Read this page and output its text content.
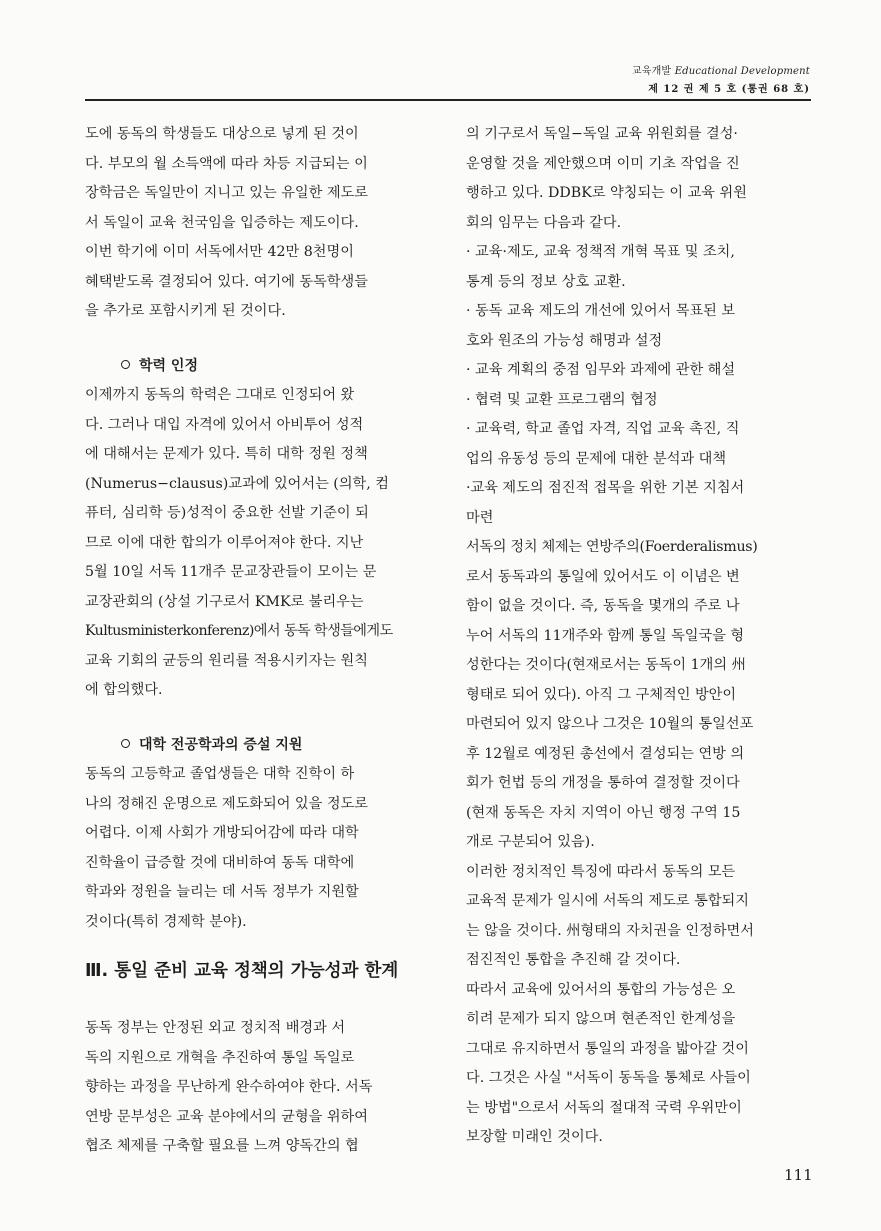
교육개발 Educational Development
제 12 권 제 5 호 (통권 68 호)
도에 동독의 학생들도 대상으로 넣게 된 것이
다. 부모의 월 소득액에 따라 차등 지급되는 이
장학금은 독일만이 지니고 있는 유일한 제도로
서 독일이 교육 천국임을 입증하는 제도이다.
이번 학기에 이미 서독에서만 42만 8천명이
혜택받도록 결정되어 있다. 여기에 동독학생들
을 추가로 포함시키게 된 것이다.
학력 인정
이제까지 동독의 학력은 그대로 인정되어 왔
다. 그러나 대입 자격에 있어서 아비투어 성적
에 대해서는 문제가 있다. 특히 대학 정원 정책
(Numerus−clausus)교과에 있어서는 (의학, 컴
퓨터, 심리학 등)성적이 중요한 선발 기준이 되
므로 이에 대한 합의가 이루어져야 한다. 지난
5월 10일 서독 11개주 문교장관들이 모이는 문
교장관회의 (상설 기구로서 KMK로 불리우는
Kultusministerkonferenz)에서 동독 학생들에게도
교육 기회의 균등의 원리를 적용시키자는 원칙
에 합의했다.
대학 전공학과의 증설 지원
동독의 고등학교 졸업생들은 대학 진학이 하
나의 정해진 운명으로 제도화되어 있을 정도로
어렵다. 이제 사회가 개방되어감에 따라 대학
진학율이 급증할 것에 대비하여 동독 대학에
학과와 정원을 늘리는 데 서독 정부가 지원할
것이다(특히 경제학 분야).
Ⅲ. 통일 준비 교육 정책의 가능성과 한계
동독 정부는 안정된 외교 정치적 배경과 서
독의 지원으로 개혁을 추진하여 통일 독일로
향하는 과정을 무난하게 완수하여야 한다. 서독
연방 문부성은 교육 분야에서의 균형을 위하여
협조 체제를 구축할 필요를 느껴 양독간의 협
의 기구로서 독일−독일 교육 위원회를 결성·
운영할 것을 제안했으며 이미 기초 작업을 진
행하고 있다. DDBK로 약칭되는 이 교육 위원
회의 임무는 다음과 같다.
· 교육·제도, 교육 정책적 개혁 목표 및 조치,
통계 등의 정보 상호 교환.
· 동독 교육 제도의 개선에 있어서 목표된 보
호와 원조의 가능성 해명과 설정
· 교육 계획의 중점 임무와 과제에 관한 해설
· 협력 및 교환 프로그램의 협정
· 교육력, 학교 졸업 자격, 직업 교육 촉진, 직
업의 유동성 등의 문제에 대한 분석과 대책
·교육 제도의 점진적 접목을 위한 기본 지침서
마련
서독의 정치 체제는 연방주의(Foerderalismus)
로서 동독과의 통일에 있어서도 이 이념은 변
함이 없을 것이다. 즉, 동독을 몇개의 주로 나
누어 서독의 11개주와 함께 통일 독일국을 형
성한다는 것이다(현재로서는 동독이 1개의 州
형태로 되어 있다). 아직 그 구체적인 방안이
마련되어 있지 않으나 그것은 10월의 통일선포
후 12월로 예정된 총선에서 결성되는 연방 의
회가 헌법 등의 개정을 통하여 결정할 것이다
(현재 동독은 자치 지역이 아닌 행정 구역 15
개로 구분되어 있음).
이러한 정치적인 특징에 따라서 동독의 모든
교육적 문제가 일시에 서독의 제도로 통합되지
는 않을 것이다. 州형태의 자치권을 인정하면서
점진적인 통합을 추진해 갈 것이다.
따라서 교육에 있어서의 통합의 가능성은 오
히려 문제가 되지 않으며 현존적인 한계성을
그대로 유지하면서 통일의 과정을 밟아갈 것이
다. 그것은 사실 "서독이 동독을 통체로 사들이
는 방법"으로서 서독의 절대적 국력 우위만이
보장할 미래인 것이다.
111
